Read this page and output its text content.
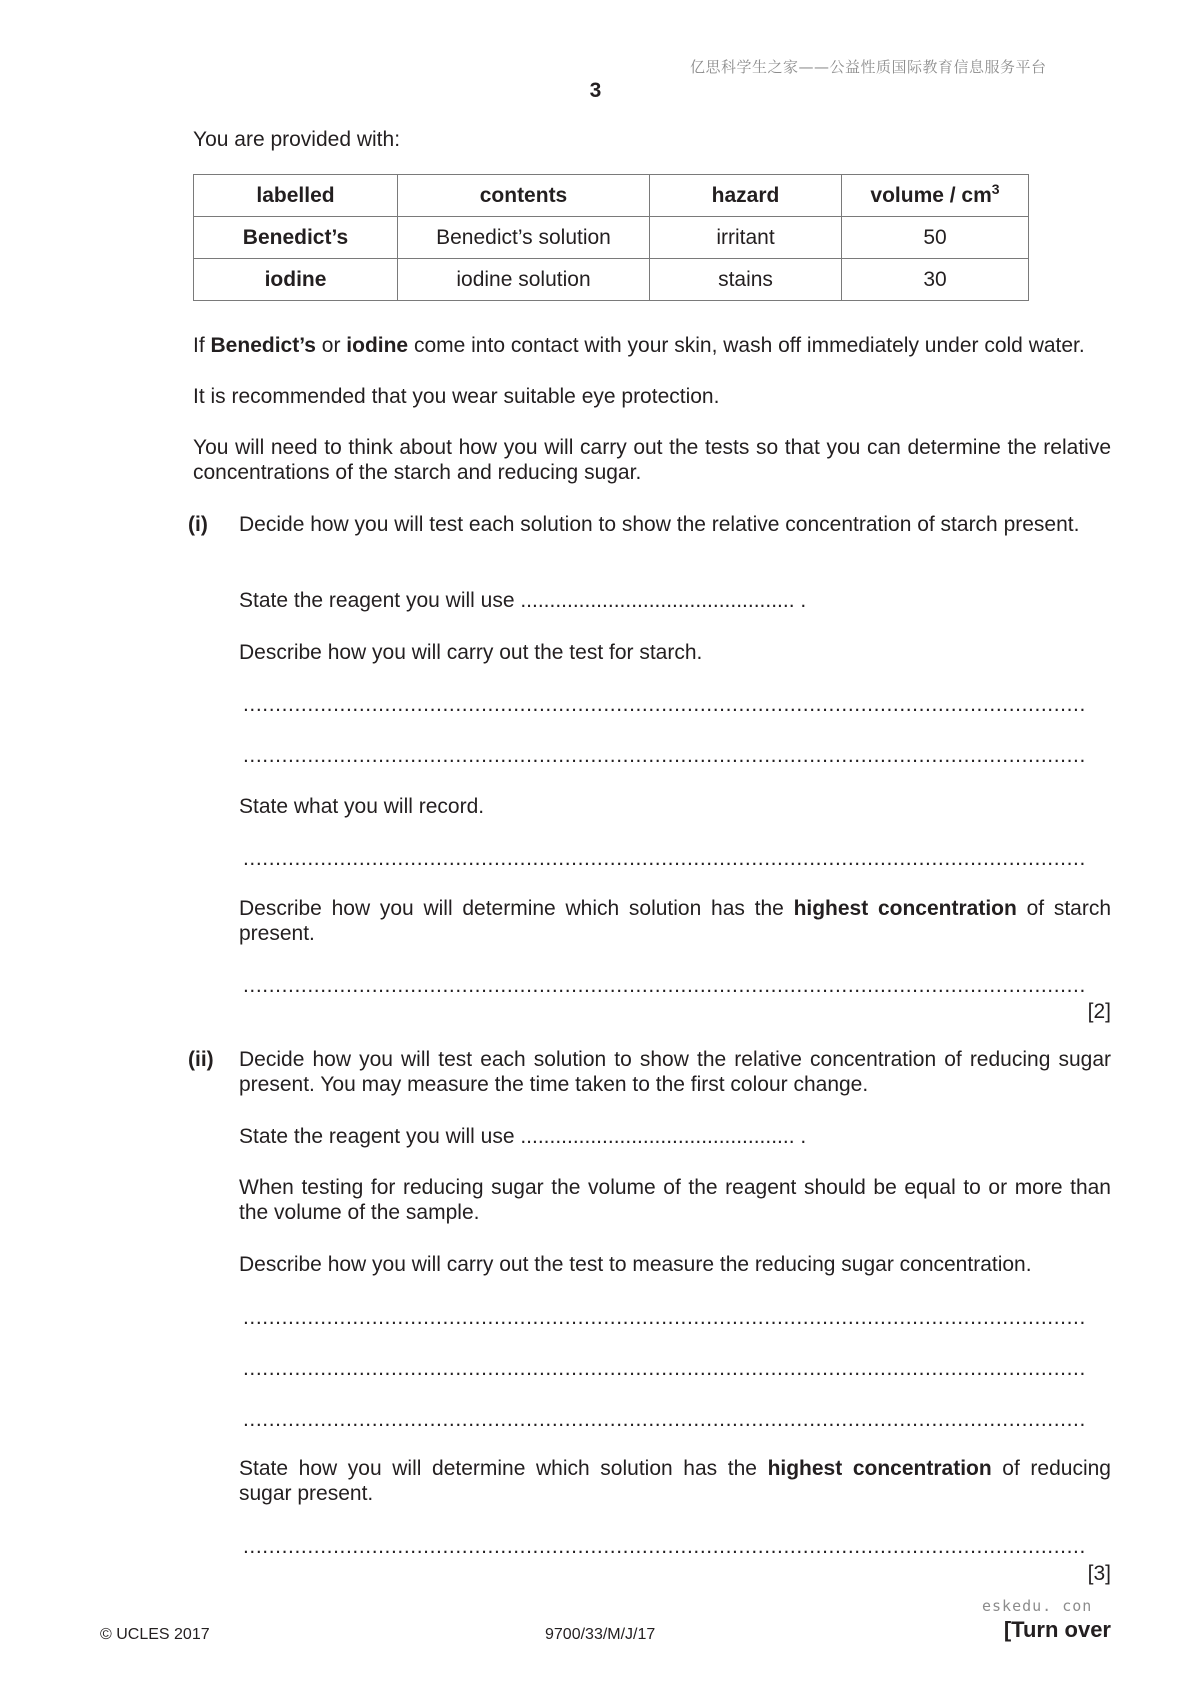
亿思科学生之家——公益性质国际教育信息服务平台
3
You are provided with:
labelled	contents	hazard	volume / $cm^3$
Benedict’s	Benedict’s solution	irritant	50
iodine	iodine solution	stains	30
If Benedict’s or iodine come into contact with your skin, wash off immediately under cold water.
It is recommended that you wear suitable eye protection.
You will need to think about how you will carry out the tests so that you can determine the relative concentrations of the starch and reducing sugar.
(i) Decide how you will test each solution to show the relative concentration of starch present.
State the reagent you will use ............................................... .
Describe how you will carry out the test for starch.
...................................................................................................................................
...................................................................................................................................
State what you will record.
...................................................................................................................................
Describe how you will determine which solution has the highest concentration of starch present.
...................................................................................................................................
[2]
(ii) Decide how you will test each solution to show the relative concentration of reducing sugar present. You may measure the time taken to the first colour change.
State the reagent you will use ............................................... .
When testing for reducing sugar the volume of the reagent should be equal to or more than the volume of the sample.
Describe how you will carry out the test to measure the reducing sugar concentration.
...................................................................................................................................
...................................................................................................................................
...................................................................................................................................
State how you will determine which solution has the highest concentration of reducing sugar present.
...................................................................................................................................
[3]
eskedu. con
© UCLES 2017	9700/33/M/J/17	[Turn over
